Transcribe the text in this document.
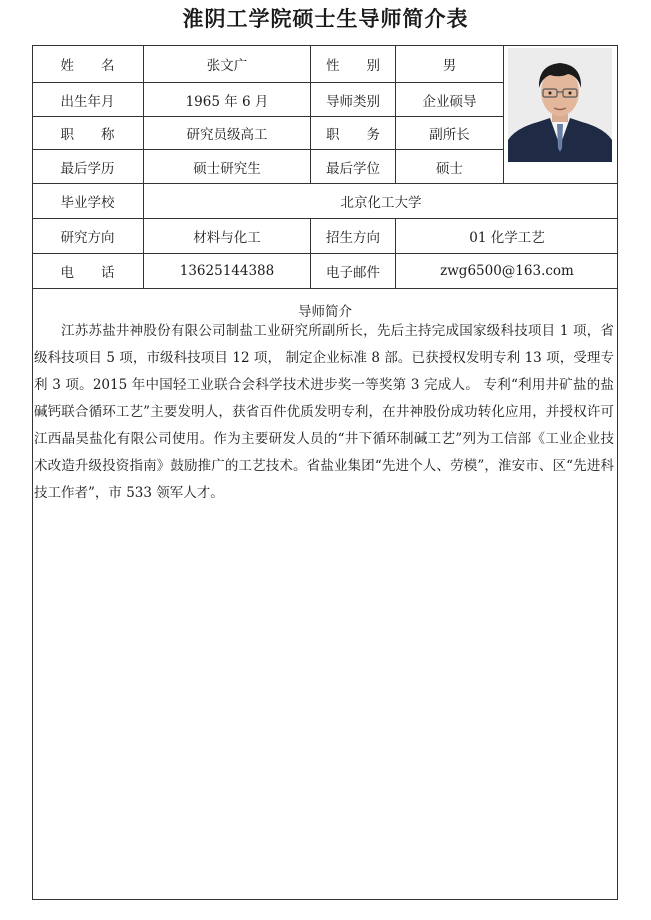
淮阴工学院硕士生导师简介表
姓　　名	张文广	性　　别	男
出生年月	1965 年 6 月	导师类别	企业硕导
职　　称	研究员级高工	职　　务	副所长
最后学历	硕士研究生	最后学位	硕士
毕业学校	北京化工大学
研究方向	材料与化工	招生方向	01 化学工艺
电　　话	13625144388	电子邮件	zwg6500@163.com
导师简介

江苏苏盐井神股份有限公司制盐工业研究所副所长，先后主持完成国家级科技项目 1 项，省级科技项目 5 项，市级科技项目 12 项， 制定企业标准 8 部。已获授权发明专利 13 项，受理专利 3 项。2015 年中国轻工业联合会科学技术进步奖一等奖第 3 完成人。 专利“利用井矿盐的盐碱钙联合循环工艺”主要发明人，获省百件优质发明专利，在井神股份成功转化应用，并授权许可江西晶昊盐化有限公司使用。作为主要研发人员的“井下循环制碱工艺”列为工信部《工业企业技术改造升级投资指南》鼓励推广的工艺技术。省盐业集团“先进个人、劳模”，淮安市、区“先进科技工作者”，市 533 领军人才。
